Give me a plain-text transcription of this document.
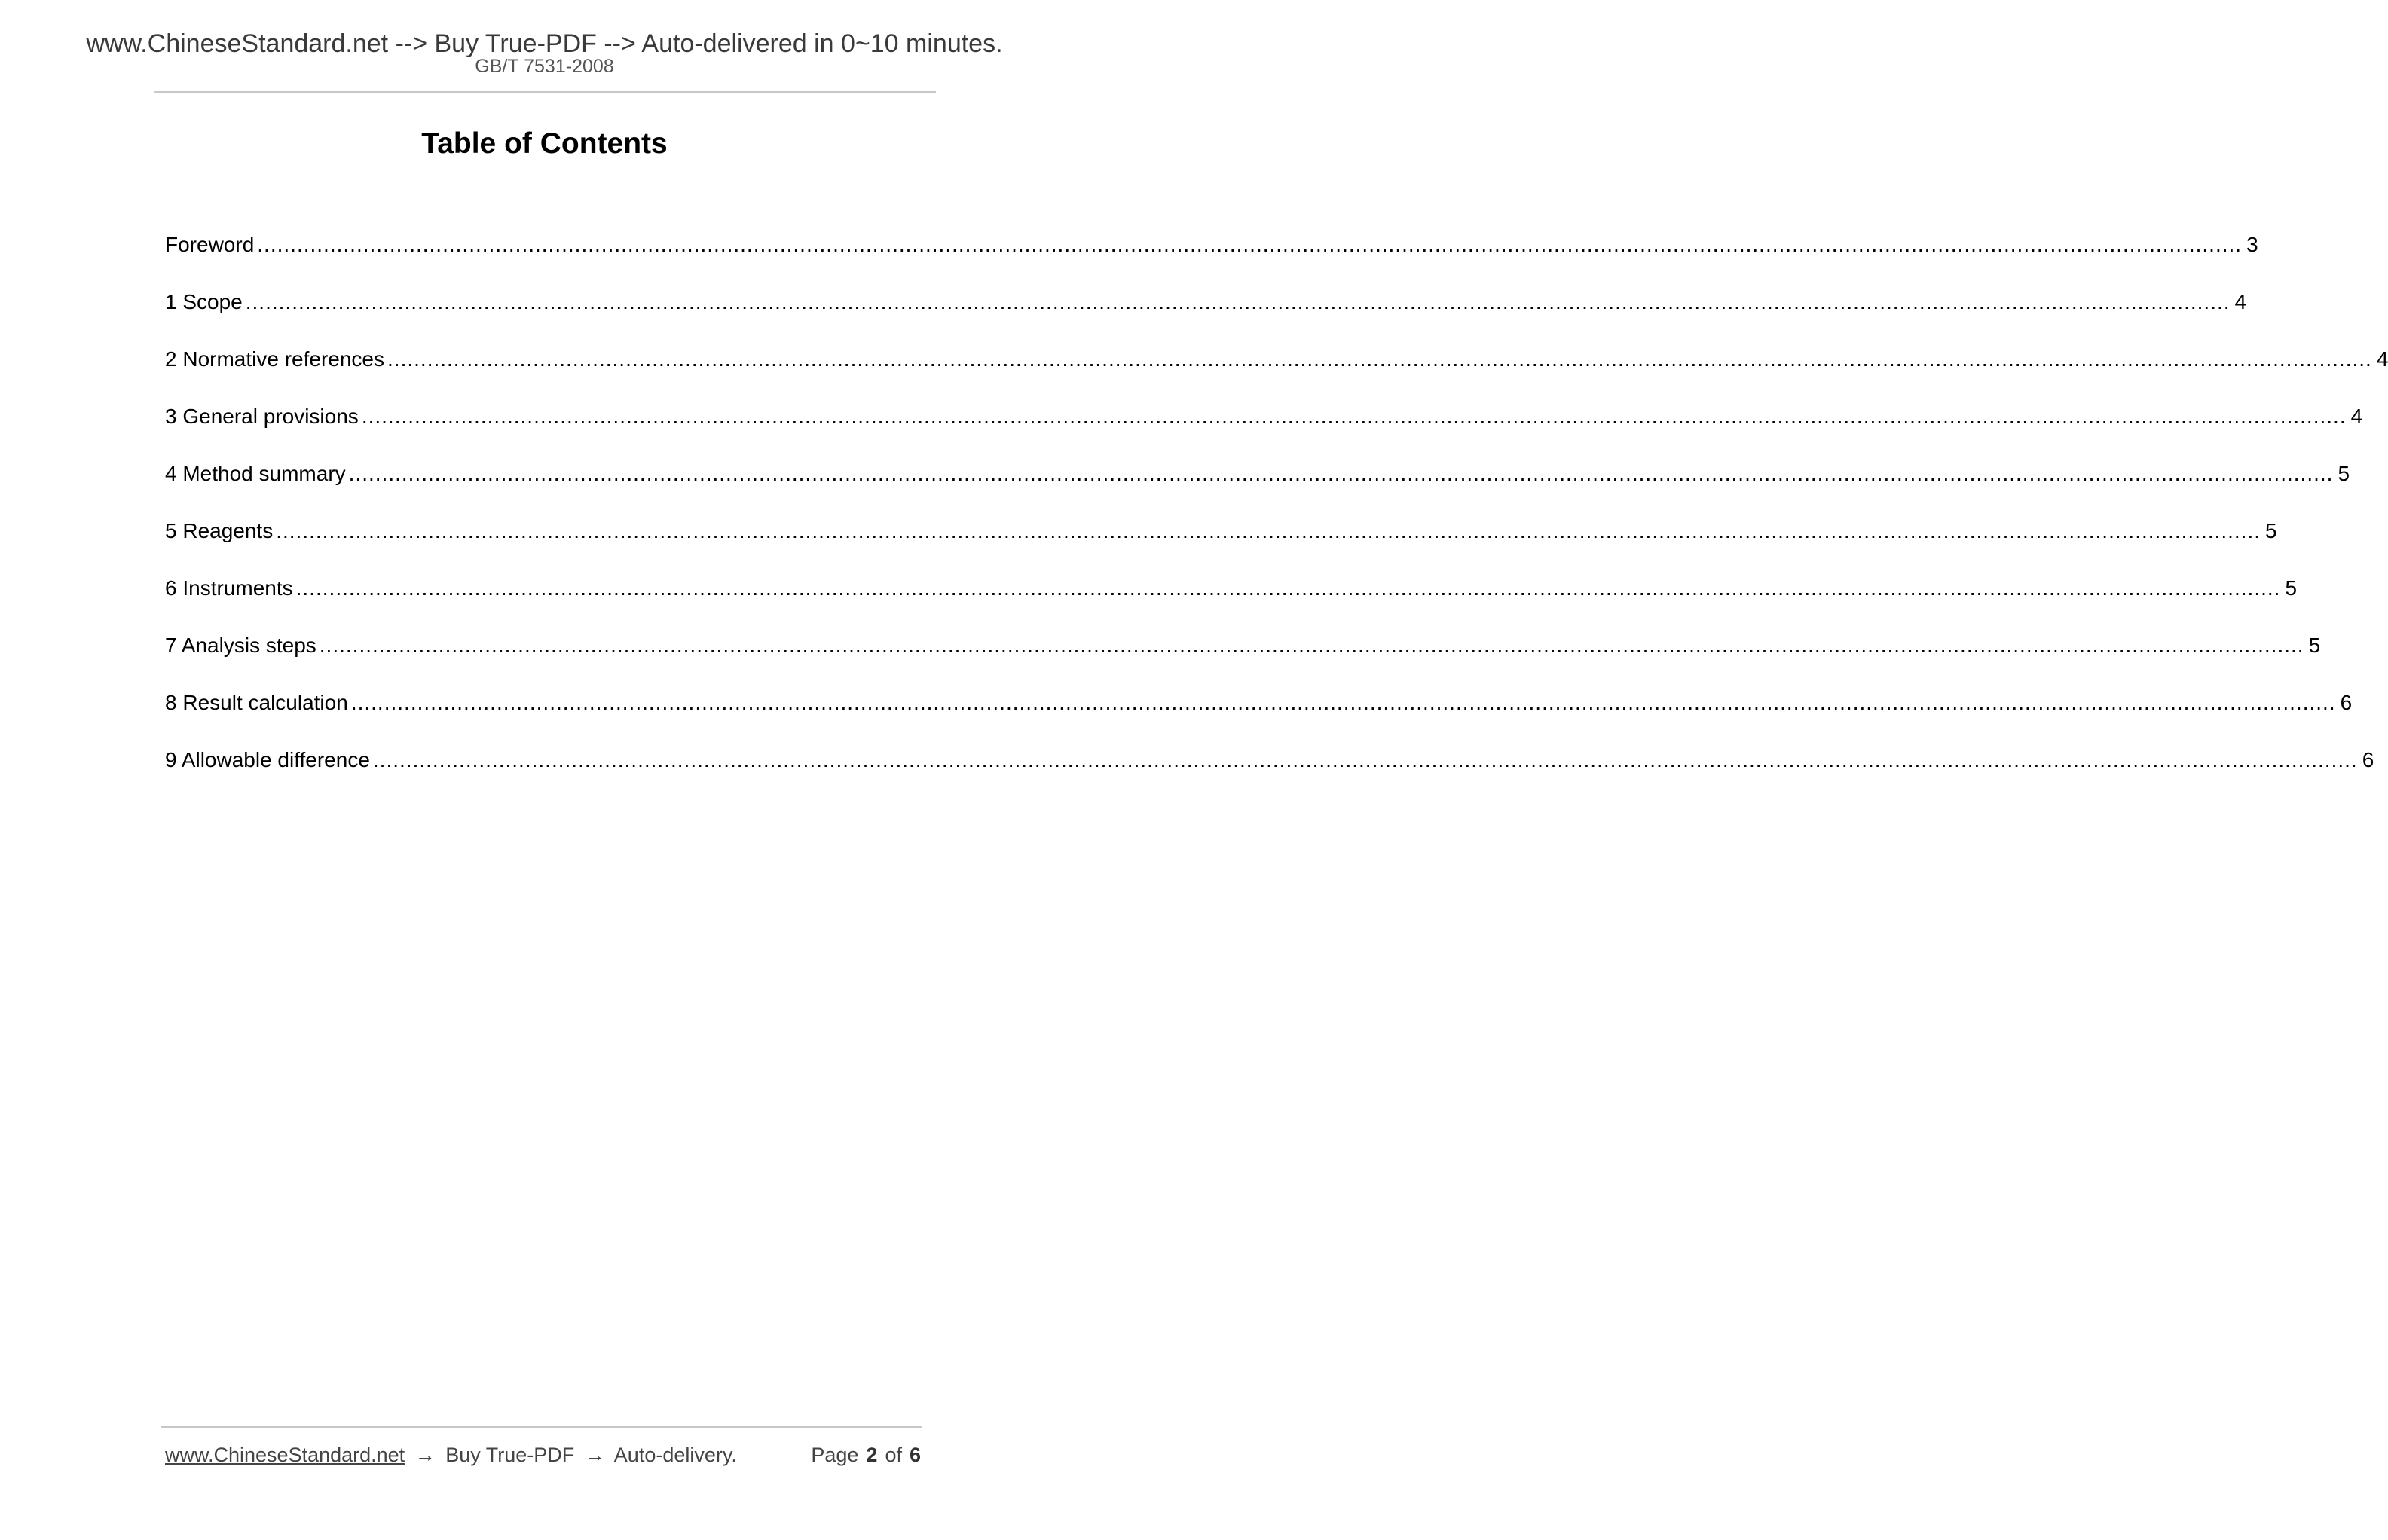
www.ChineseStandard.net --> Buy True-PDF --> Auto-delivered in 0~10 minutes.
GB/T 7531-2008
Table of Contents
Foreword ............................................................................................................................................................................................................................................................................................................ 3
1 Scope ............................................................................................................................................................................................................................................................................................................ 4
2 Normative references ............................................................................................................................................................................................................................................................................................................ 4
3 General provisions ............................................................................................................................................................................................................................................................................................................ 4
4 Method summary ............................................................................................................................................................................................................................................................................................................ 5
5 Reagents ............................................................................................................................................................................................................................................................................................................ 5
6 Instruments ............................................................................................................................................................................................................................................................................................................ 5
7 Analysis steps ............................................................................................................................................................................................................................................................................................................ 5
8 Result calculation ............................................................................................................................................................................................................................................................................................................ 6
9 Allowable difference ............................................................................................................................................................................................................................................................................................................ 6
www.ChineseStandard.net → Buy True-PDF → Auto-delivery.	Page 2 of 6
